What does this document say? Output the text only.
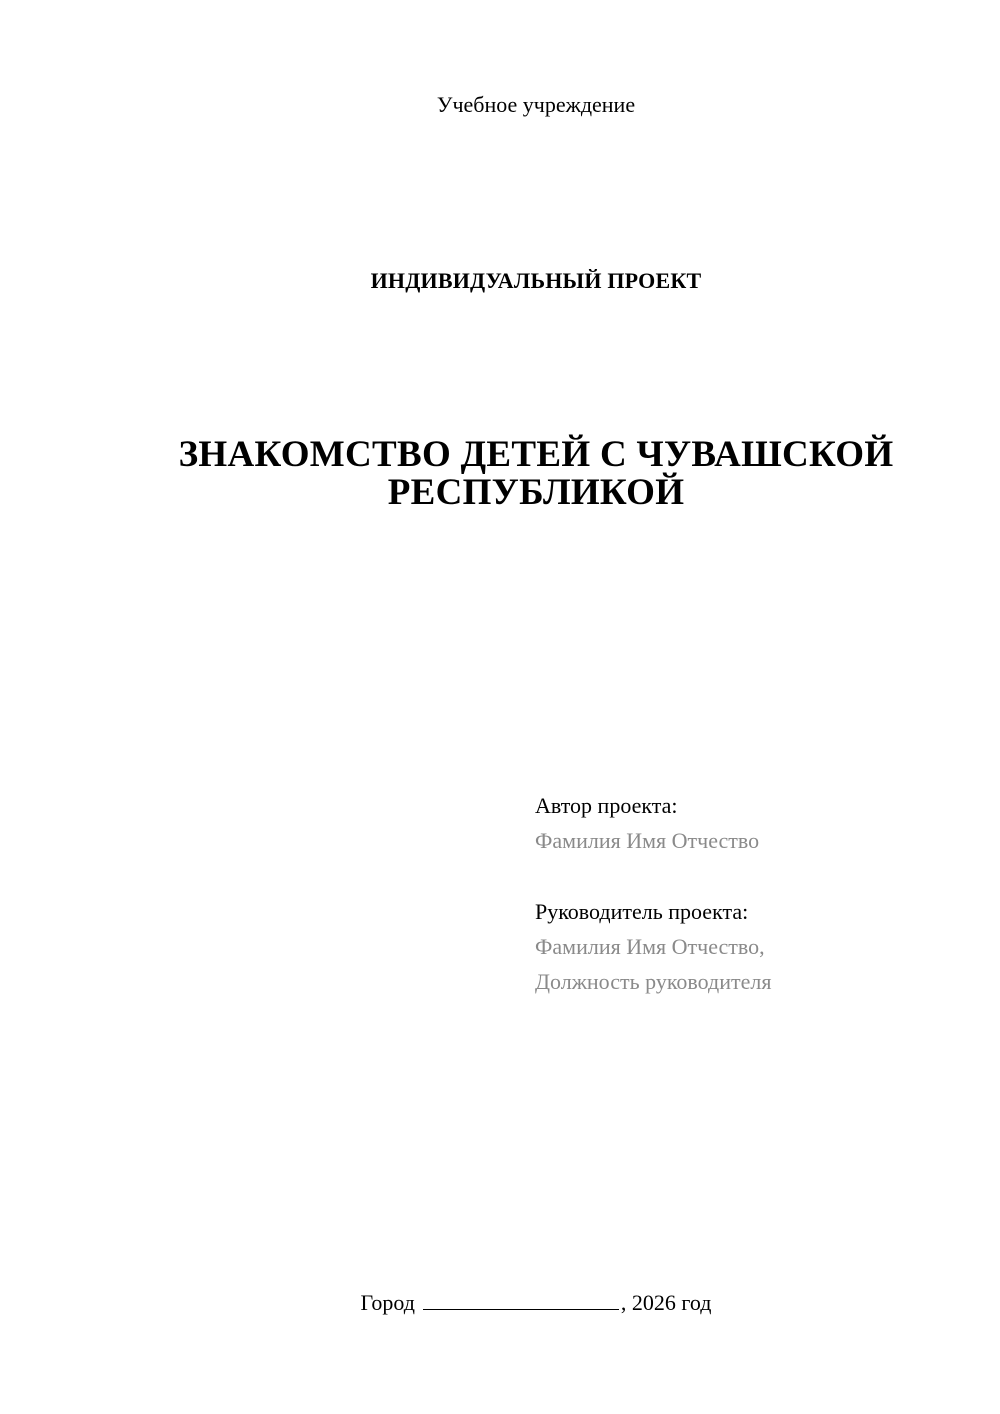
Учебное учреждение
ИНДИВИДУАЛЬНЫЙ ПРОЕКТ
ЗНАКОМСТВО ДЕТЕЙ С ЧУВАШСКОЙ
РЕСПУБЛИКОЙ
Автор проекта:
Фамилия Имя Отчество
Руководитель проекта:
Фамилия Имя Отчество,
Должность руководителя
Город	, 2026 год
